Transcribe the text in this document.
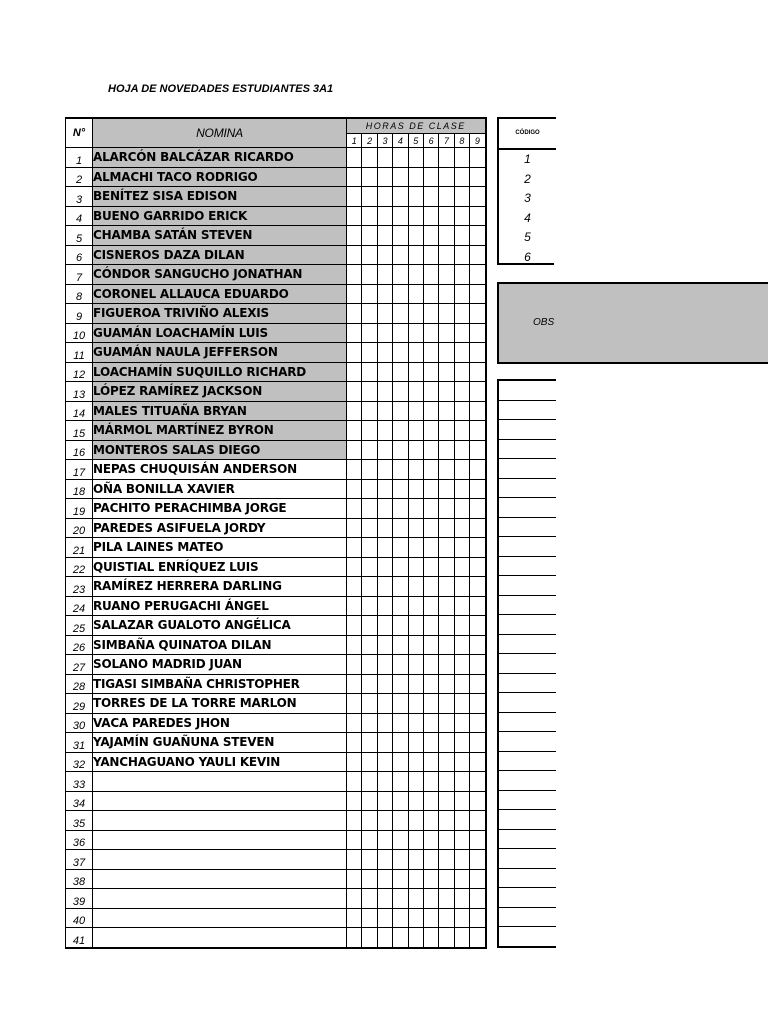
HOJA DE NOVEDADES ESTUDIANTES 3A1
N°	NOMINA	HORAS DE CLASE								
		1	2	3	4	5	6	7	8	9
1	ALARCÓN BALCÁZAR RICARDO									
2	ALMACHI TACO RODRIGO									
3	BENÍTEZ SISA EDISON									
4	BUENO GARRIDO ERICK									
5	CHAMBA SATÁN STEVEN									
6	CISNEROS DAZA DILAN									
7	CÓNDOR SANGUCHO JONATHAN									
8	CORONEL ALLAUCA EDUARDO									
9	FIGUEROA TRIVIÑO ALEXIS									
10	GUAMÁN LOACHAMÍN LUIS									
11	GUAMÁN NAULA JEFFERSON									
12	LOACHAMÍN SUQUILLO RICHARD									
13	LÓPEZ RAMÍREZ JACKSON									
14	MALES TITUAÑA BRYAN									
15	MÁRMOL MARTÍNEZ BYRON									
16	MONTEROS SALAS DIEGO									
17	NEPAS CHUQUISÁN ANDERSON									
18	OÑA BONILLA XAVIER									
19	PACHITO PERACHIMBA JORGE									
20	PAREDES ASIFUELA JORDY									
21	PILA LAINES MATEO									
22	QUISTIAL ENRÍQUEZ LUIS									
23	RAMÍREZ HERRERA DARLING									
24	RUANO PERUGACHI ÁNGEL									
25	SALAZAR GUALOTO ANGÉLICA									
26	SIMBAÑA QUINATOA DILAN									
27	SOLANO MADRID JUAN									
28	TIGASI SIMBAÑA CHRISTOPHER									
29	TORRES DE LA TORRE MARLON									
30	VACA PAREDES JHON									
31	YAJAMÍN GUAÑUNA STEVEN									
32	YANCHAGUANO YAULI KEVIN									
33										
34										
35										
36										
37										
38										
39										
40										
41										
CÓDIGO
1
2
3
4
5
6
OBS
